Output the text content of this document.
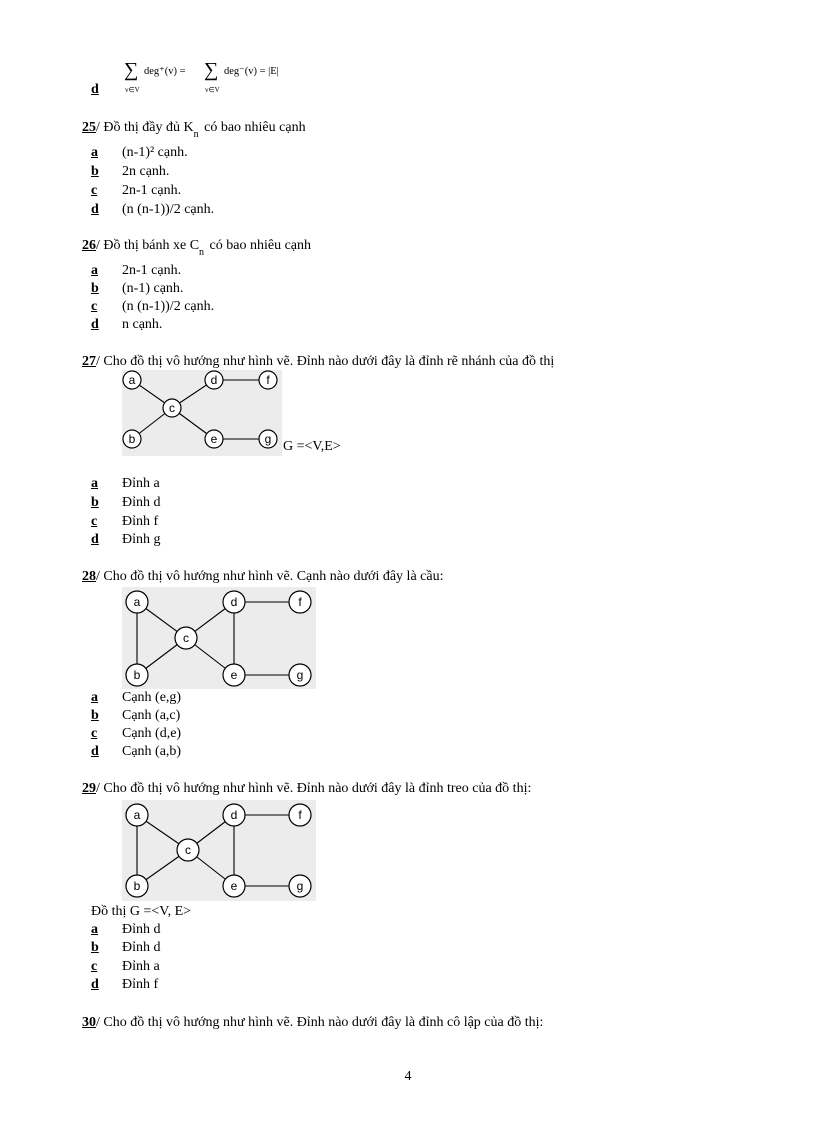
∑ deg⁺(v) = ∑ deg⁻(v) = |E|
v∈V	v∈V
d
25/ Đồ thị đầy đủ $K_n$ có bao nhiêu cạnh
a (n-1)² cạnh.
b 2n cạnh.
c 2n-1 cạnh.
d (n (n-1))/2 cạnh.
26/ Đồ thị bánh xe $C_n$ có bao nhiêu cạnh
a 2n-1 cạnh.
b (n-1) cạnh.
c (n (n-1))/2 cạnh.
d n cạnh.
27/ Cho đồ thị vô hướng như hình vẽ. Đỉnh nào dưới đây là đỉnh rẽ nhánh của đồ thị
a
b
c
d
e
f
g G =<V,E>
a Đỉnh a
b Đỉnh d
c Đỉnh f
d Đỉnh g
28/ Cho đồ thị vô hướng như hình vẽ. Cạnh nào dưới đây là cầu:
a
b
c
d
e
f
g
a Cạnh (e,g)
b Cạnh (a,c)
c Cạnh (d,e)
d Cạnh (a,b)
29/ Cho đồ thị vô hướng như hình vẽ. Đỉnh nào dưới đây là đỉnh treo của đồ thị:
a
b
c
d
e
f
g
Đồ thị G =<V, E>
a Đỉnh d
b Đỉnh d
c Đỉnh a
d Đỉnh f
30/ Cho đồ thị vô hướng như hình vẽ. Đỉnh nào dưới đây là đỉnh cô lập của đồ thị:
4
